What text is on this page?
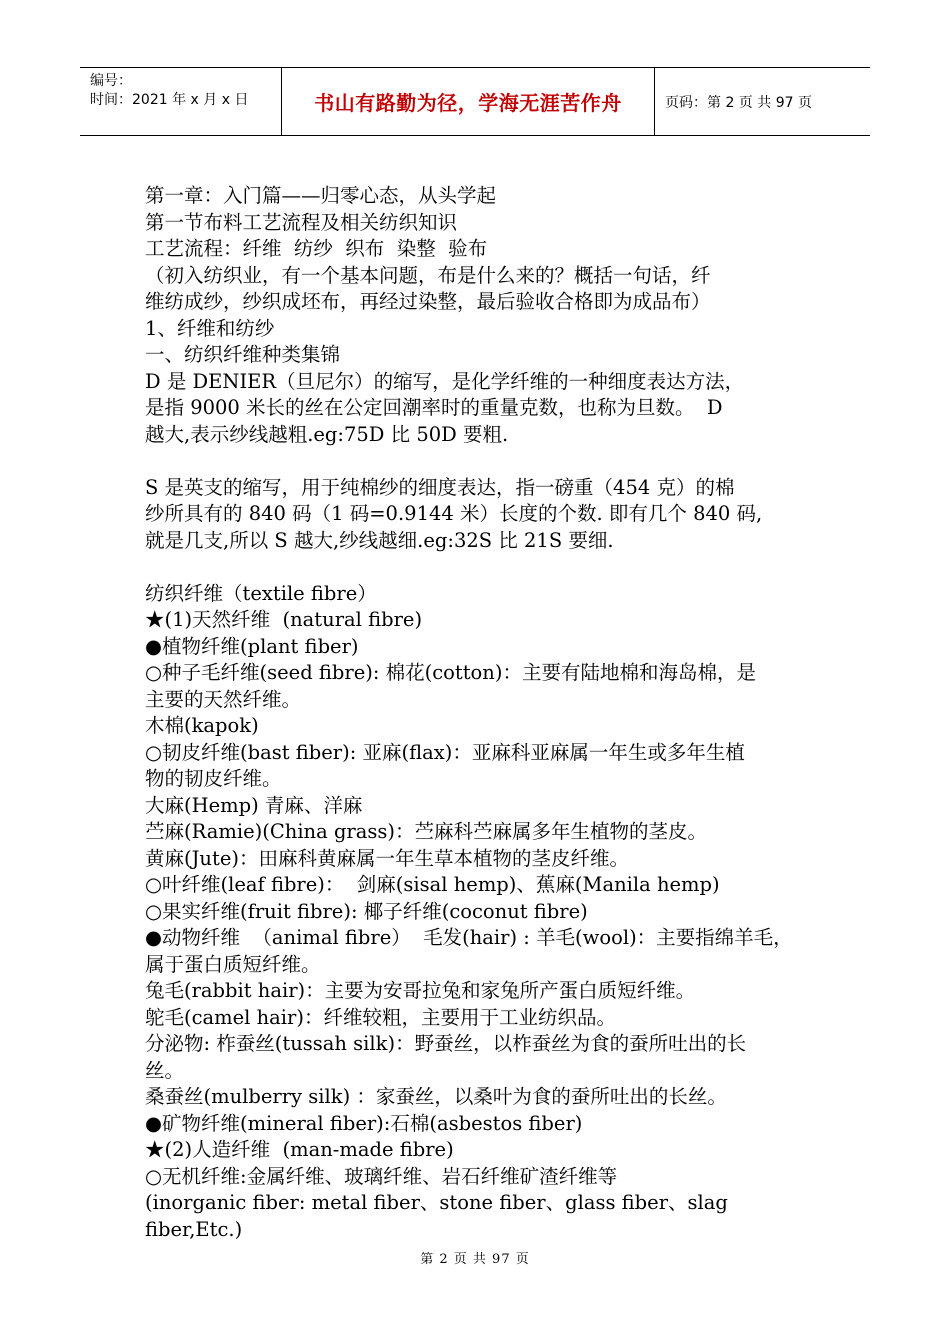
编号：
时间：2021 年 x 月 x 日	书山有路勤为径，学海无涯苦作舟	页码：第 2 页 共 97 页

第一章：入门篇——归零心态，从头学起

第一节布料工艺流程及相关纺织知识

工艺流程：纤维  纺纱  织布  染整  验布

（初入纺织业，有一个基本问题，布是什么来的？概括一句话，纤

维纺成纱，纱织成坯布，再经过染整，最后验收合格即为成品布）

1、纤维和纺纱

一、纺织纤维种类集锦

D 是 DENIER（旦尼尔）的缩写，是化学纤维的一种细度表达方法，

是指 9000 米长的丝在公定回潮率时的重量克数，也称为旦数。  D

越大,表示纱线越粗.eg:75D 比 50D 要粗.

S 是英支的缩写，用于纯棉纱的细度表达，指一磅重（454 克）的棉

纱所具有的 840 码（1 码=0.9144 米）长度的个数. 即有几个 840 码,

就是几支,所以 S 越大,纱线越细.eg:32S 比 21S 要细.

纺织纤维（textile fibre）

★(1)天然纤维  (natural fibre)

●植物纤维(plant fiber)

○种子毛纤维(seed fibre): 棉花(cotton)：主要有陆地棉和海岛棉，是

主要的天然纤维。

木棉(kapok)

○韧皮纤维(bast fiber): 亚麻(flax)：亚麻科亚麻属一年生或多年生植

物的韧皮纤维。

大麻(Hemp) 青麻、洋麻

苎麻(Ramie)(China grass)：苎麻科苎麻属多年生植物的茎皮。

黄麻(Jute)：田麻科黄麻属一年生草本植物的茎皮纤维。

○叶纤维(leaf fibre)：  剑麻(sisal hemp)、蕉麻(Manila hemp)

○果实纤维(fruit fibre): 椰子纤维(coconut fibre)

●动物纤维  （animal fibre）  毛发(hair) : 羊毛(wool)：主要指绵羊毛，

属于蛋白质短纤维。

兔毛(rabbit hair)：主要为安哥拉兔和家兔所产蛋白质短纤维。

鸵毛(camel hair)：纤维较粗，主要用于工业纺织品。

分泌物: 柞蚕丝(tussah silk)：野蚕丝，以柞蚕丝为食的蚕所吐出的长

丝。

桑蚕丝(mulberry silk) ：家蚕丝，以桑叶为食的蚕所吐出的长丝。

●矿物纤维(mineral fiber):石棉(asbestos fiber)

★(2)人造纤维  (man-made fibre)

○无机纤维:金属纤维、玻璃纤维、岩石纤维矿渣纤维等

(inorganic fiber: metal fiber、stone fiber、glass fiber、slag fiber,Etc.)

第 2 页 共 97 页
